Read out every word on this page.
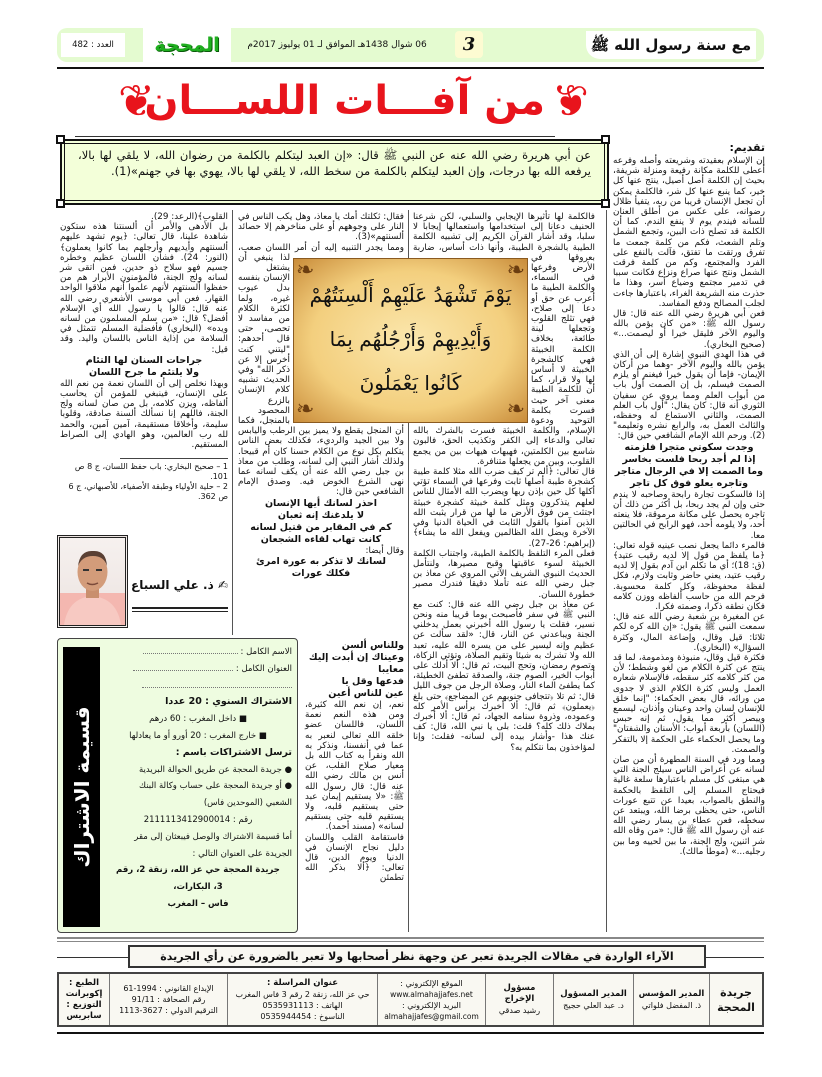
مع سنة رسول الله ﷺ
3
06 شوال 1438هـ الموافق لـ 01 يوليوز 2017م
المحجة
العدد : 482
❦
من آفـــات اللســـان ❦
عن أبي هريرة رضي الله عنه عن النبي ﷺ قال: «إن العبد ليتكلم بالكلمة من رضوان الله، لا يلقي لها بالا، يرفعه الله بها درجات، وإن العبد ليتكلم بالكلمة من سخط الله، لا يلقي لها بالا، يهوي بها في جهنم»(1).
تقديم:

إن الإسلام بعقيدته وشريعته وأصله وفرعه أعطى للكلمة مكانة رفيعة ومنزلة شريفة، بحيث إن الكلمة أصل أصيل، ينتج عنها كل خير، كما ينبع عنها كل شر، فالكلمة يمكن أن تجعل الإنسان قريبا من ربه، يتفيأ ظلال رضوانه، على عكس من أطلق العنان للسانه فيندم يوم لا ينفع الندم. كما أن الكلمة قد تصلح ذات البين، وتجمع الشمل وتلم الشعث، فكم من كلمة جمعت ما تفرق ورتقت ما تفتق، فآلت بالنفع على الفرد والمجتمع، وكم من كلمة فرقت الشمل ونتج عنها صراع ونزاع فكانت سببا في تدمير مجتمع وضياع أسر، وهذا ما حذرت منه الشريعة الغراء، باعتبارها جاءت لجلب المصالح ودفع المفاسد.

فعن أبي هريرة رضي الله عنه قال: قال رسول الله ﷺ: «من كان يؤمن بالله واليوم الآخر فليقل خيرا أو ليصمت...» (صحيح البخاري).

في هذا الهدي النبوي إشارة إلى أن الذي يؤمن بالله واليوم الآخر -وهما من أركان الإيمان- فإما أن يقول خيرا فيغنم أو يلزم الصمت فيسلم، بل إن الصمت أول باب من أبواب العلم ومما يروى عن سفيان الثوري أنه قال: كان يقال: "أول باب العلم الصمت، والثاني الاستماع له وحفظه، والثالث العمل به، والرابع نشره وتعليمه"(2). ورحم الله الإمام الشافعي حين قال:

وجدت سكوتي متجرا فلزمته
إذا لم أجد ربحا فلست بخاسر
وما الصمت إلا في الرجال متاجر
وتاجره يعلو فوق كل تاجر

إذا فالسكوت تجارة رابحة وصاحبه لا يندم حتى وإن لم يجد ربحا، بل أكثر من ذلك أن تاجره يحصل على مكانة مرموقة، فلا ينعته أحد، ولا يلومه أحد، فهو الرابح في الحالتين معا.

فالمرء دائما يجعل نصب عينيه قوله تعالى: ﴿ما يلفظ من قول إلا لديه رقيب عتيد﴾ (ق: 18)؛ أي ما تكلم ابن آدم بقول إلا لديه رقيب عتيد، يعني حاضر وثابت ولازم، فكل لفظة محفوظة، وكل كلمة محسوبة. فرحم الله من حاسب ألفاظه ووزن كلامه فكان نطقه ذكرا، وصمته فكرا.

عن المغيرة بن شعبة رضي الله عنه قال: سمعت النبي ﷺ يقول: «إن الله كره لكم ثلاثا: قيل وقال، وإضاعة المال، وكثرة السؤال» (البخاري).

فكثرة قيل وقال، منبوذة ومذمومة، لما قد ينتج عن كثرة الكلام من لغو وشطط؛ لأن من كثر كلامه كثر سقطه، فالإسلام شعاره العمل وليس كثرة الكلام الذي لا جدوى من ورائه، قال بعض الحكماء: "إنما خلق للإنسان لسان واحد وعينان وأذنان، ليسمع ويبصر أكثر مما يقول، ثم إنه حبس (اللسان) بأربعة أبواب: الأسنان والشفتان" وما يحصل الحكماء على الحكمة إلا بالتفكر والصمت.

ومما ورد في السنة المطهرة أن من صان لسانه عن أعراض الناس سيلج الجنة التي هي مبتغى كل مسلم باعتبارها سلعة غالية فيحتاج المسلم إلى التلفظ بالحكمة والنطق بالصواب، بعيدا عن تتبع عورات الناس، حتى يحظى برضا الله، ويبتعد عن سخطه، فعن عطاء بن يسار رضي الله عنه أن رسول الله ﷺ قال: «من وقاه الله شر اثنين، ولج الجنة، ما بين لحييه وما بين رجليه...» (موطأ مالك).

فالكلمة لها تأثيرها الإيجابي والسلبي، لكن شرعنا الحنيف دعانا إلى استخدامها واستعمالها إيجابا لا سلبا، وقد أشار القرآن الكريم إلى تشبيه الكلمة الطيبة بالشجرة الطيبة، وأنها ذات أساس، ضاربة بعروقها في الأرض وفرعها في السماء، والكلمة الطيبة ما أعرب عن حق أو دعا إلى صلاح، فهي تثلج القلوب وتجعلها لينة طائعة، بخلاف الكلمة الخبيثة فهي كالشجرة الخبيثة لا أساس لها ولا قرار، كما أن للكلمة الطيبة معنى آخر حيث فسرت بكلمة التوحيد ودعوة الإسلام، والكلمة الخبيثة فسرت بالشرك بالله تعالى والدعاء إلى الكفر وتكذيب الحق، فالبون شاسع بين الكلمتين، فهيهات هيهات بين من يجمع القلوب، وبين من يجعلها متنافرة.

قال تعالى: ﴿ألم تر كيف ضرب الله مثلا كلمة طيبة كشجرة طيبة أصلها ثابت وفرعها في السماء تؤتي أكلها كل حين بإذن ربها ويضرب الله الأمثال للناس لعلهم يتذكرون ومثل كلمة خبيثة كشجرة خبيثة اجتثت من فوق الأرض ما لها من قرار يثبت الله الذين آمنوا بالقول الثابت في الحياة الدنيا وفي الآخرة ويضل الله الظالمين ويفعل الله ما يشاء﴾ (إبراهيم: 26-27).

فعلى المرء التلفظ بالكلمة الطيبة، واجتناب الكلمة الخبيثة لسوء عاقبتها وقبح مصيرها، ولنتأمل الحديث النبوي الشريف الآتي المروي عن معاذ بن جبل رضي الله عنه تأملا دقيقا فندرك مصير خطورة اللسان.

عن معاذ بن جبل رضي الله عنه قال: كنت مع النبي ﷺ في سفر فأصبحت يوما قريبا منه ونحن نسير، فقلت يا رسول الله أخبرني بعمل يدخلني الجنة ويباعدني عن النار، قال: «لقد سألت عن عظيم وإنه ليسير على من يسره الله عليه، تعبد الله ولا تشرك به شيئا وتقيم الصلاة، وتؤتي الزكاة، وتصوم رمضان، وتحج البيت، ثم قال: ألا أدلك على أبواب الخير، الصوم جنة، والصدقة تطفئ الخطيئة، كما يطفئ الماء النار، وصلاة الرجل من جوف الليل قال: ثم تلا ﴿تتجافى جنوبهم عن المضاجع﴾ حتى بلغ ﴿يعملون﴾ ثم قال: ألا أخبرك برأس الأمر كله وعموده، وذروة سنامه الجهاد، ثم قال: ألا أخبرك بملاك ذلك كله؟ قلت: بلى يا نبي الله، قال: كف عنك هذا -وأشار بيده إلى لسانه- فقلت: وإنا لمؤاخذون بما نتكلم به؟

فقال: ثكلتك أمك يا معاذ، وهل يكب الناس في النار على وجوههم أو على مناخرهم إلا حصائد ألسنتهم»(3).

ومما يجدر التنبيه إليه أن أمر اللسان صعب، لذا ينبغي أن يشتغل الإنسان بنفسه بدل عيوب غيره، ولما لكثرة الكلام من مفاسد لا تحصى، حتى قال أحدهم: "ليتني كنت أخرس إلا عن ذكر الله" وفي الحديث تشبيه كلام الإنسان بالزرع المحصود بالمنجل، فكما أن المنجل يقطع ولا يميز بين الرطب واليابس ولا بين الجيد والرديء، فكذلك بعض الناس يتكلم بكل نوع من الكلام حسنا كان أم قبيحا. ولذلك أشار النبي إلى لسانه، وطلب من معاذ بن جبل رضي الله عنه أن يكف لسانه عما نهى الشرع الخوض فيه. وصدق الإمام الشافعي حين قال:

احذر لسانك أيها الإنسان
لا يلدغنك إنه ثعبان
كم في المقابر من قتيل لسانه
كانت تهاب لقاءه الشجعان

وقال أيضا:

لسانك لا تذكر به عورة امرئ
فكلك عورات
وللناس ألسن
وعيناك إن أبدت إليك معايبا
فدعها وقل يا
عين للناس أعين

نعم، إن نعم الله كثيرة، ومن هذه النعم نعمة اللسان، فاللسان عضو خلقه الله تعالى لنعبر به عما في أنفسنا، ونذكر به الله ونقرأ به كتاب الله بل معيار صلاح القلب، عن أنس بن مالك رضي الله عنه قال: قال رسول الله ﷺ: «لا يستقيم إيمان عبد حتى يستقيم قلبه، ولا يستقيم قلبه حتى يستقيم لسانه» (مسند أحمد).

فاستقامة القلب واللسان دليل نجاح الإنسان في الدنيا ويوم الدين، قال تعالى: ﴿ألا بذكر الله تطمئن

❧	❧
❧	❧
يَوْمَ تَشْهَدُ عَلَيْهِمْ أَلْسِنَتُهُمْ وَأَيْدِيهِمْ وَأَرْجُلُهُم بِمَا كَانُوا يَعْمَلُونَ

القلوب﴾(الرعد: 29).

بل الأدهى والأمر أن ألسنتنا هذه ستكون شاهدة علينا، قال تعالى: ﴿يوم تشهد عليهم ألسنتهم وأيديهم وأرجلهم بما كانوا يعملون﴾(النور: 24). فشأن اللسان عظيم وخطره جسيم فهو سلاح ذو حدين. فمن اتقى شر لسانه ولج الجنة، فالمؤمنون الأبرار هم من حفظوا ألسنتهم لأنهم علموا أنهم ملاقوا الواحد القهار. فعن أبي موسى الأشعري رضي الله عنه قال: قالوا يا رسول الله أي الإسلام أفضل؟ قال: «من سلم المسلمون من لسانه ويده» (البخاري) فأفضلية المسلم تتمثل في السلامة من إذاية الناس باللسان واليد. وقد قيل:

جراحات السنان لها التئام
ولا يلتئم ما جرح اللسان

وبهذا نخلص إلى أن اللسان نعمة من نعم الله على الإنسان، فينبغي للمؤمن أن يحاسب ألفاظه، ويزن كلامه، بل من صان لسانه ولج الجنة، فاللهم إنا نسألك ألسنة صادقة، وقلوبا سليمة، وأخلاقا مستقيمة، آمين آمين، والحمد لله رب العالمين، وهو الهادي إلى الصراط المستقيم.

1 – صحيح البخاري: باب حفظ اللسان، ج 8 ص 101.
2 – حلية الأولياء وطبقة الأصفياء، للأصبهاني، ج 6 ص 362.
✍ ذ. علي السباع
قسيمة الاشتراك
الاسم الكامل :
العنوان الكامل :
الاشتراك السنوي : 20 عددا
■ داخل المغرب : 60 درهم
■ خارج المغرب : 20 أورو أو ما يعادلها
ترسل الاشتراكات باسم :
● جريدة المحجة عن طريق الحوالة البريدية
● أو جريدة المحجة على حساب وكالة البنك
الشعبي (الموحدين فاس)
رقم : 2111113412900014
أما قسيمة الاشتراك والوصل فيبعثان إلى مقر
الجريدة على العنوان التالي :
جريدة المحجة حي عز الله، زنقة 2، رقم
3، البكارات،
فاس – المغرب
الآراء الواردة في مقالات الجريدة تعبر عن وجهة نظر أصحابها ولا تعبر بالضرورة عن رأي الجريدة
جريدة المحجة
المدير المؤسس
ذ. المفضل فلواتي
المدير المسؤول
د. عبد العلي حجيج
مسؤول الإخراج
رشيد صدقي
الموقع الإلكتروني :
www.almahajjafes.net
البريد الإلكتروني :
almahajjafes@gmail.com
عنوان المراسلة :
حي عز الله، زنقة 2 رقم 3 فاس المغرب
الهاتف : 0535931113
الناسوخ : 0535944454
الإيداع القانوني : 1994-61
رقم الصحافة : 91/11
الترقيم الدولي : 3627-1113
الطبع : إكوبرانت
التوزيع : سابريس
